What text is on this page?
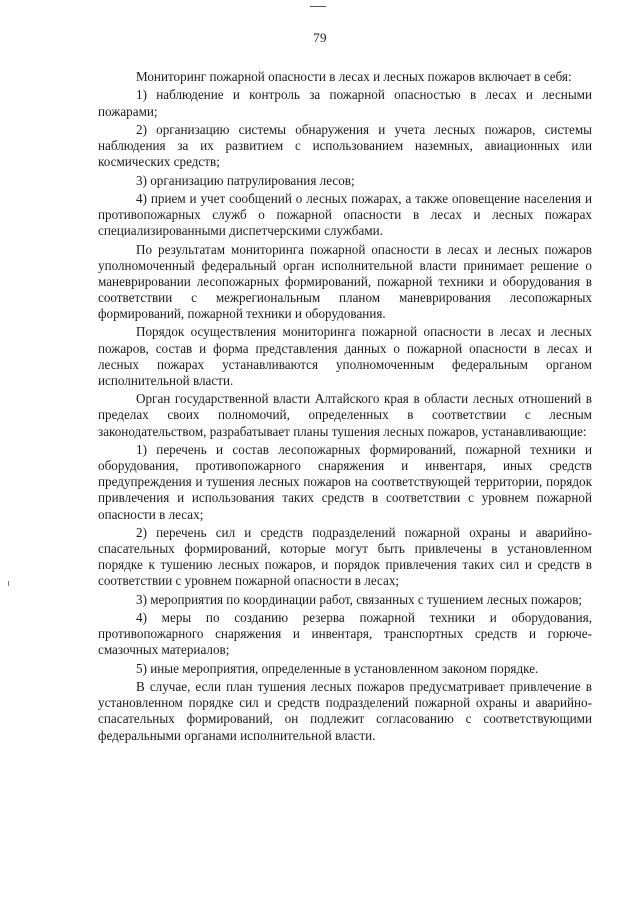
79

Мониторинг пожарной опасности в лесах и лесных пожаров включает в себя:

1) наблюдение и контроль за пожарной опасностью в лесах и лесными пожарами;

2) организацию системы обнаружения и учета лесных пожаров, системы наблюдения за их развитием с использованием наземных, авиационных или космических средств;

3) организацию патрулирования лесов;

4) прием и учет сообщений о лесных пожарах, а также оповещение населения и противопожарных служб о пожарной опасности в лесах и лесных пожарах специализированными диспетчерскими службами.

По результатам мониторинга пожарной опасности в лесах и лесных пожаров уполномоченный федеральный орган исполнительной власти принимает решение о маневрировании лесопожарных формирований, пожарной техники и оборудования в соответствии с межрегиональным планом маневрирования лесопожарных формирований, пожарной техники и оборудования.

Порядок осуществления мониторинга пожарной опасности в лесах и лесных пожаров, состав и форма представления данных о пожарной опасности в лесах и лесных пожарах устанавливаются уполномоченным федеральным органом исполнительной власти.

Орган государственной власти Алтайского края в области лесных отношений в пределах своих полномочий, определенных в соответствии с лесным законодательством, разрабатывает планы тушения лесных пожаров, устанавливающие:

1) перечень и состав лесопожарных формирований, пожарной техники и оборудования, противопожарного снаряжения и инвентаря, иных средств предупреждения и тушения лесных пожаров на соответствующей территории, порядок привлечения и использования таких средств в соответствии с уровнем пожарной опасности в лесах;

2) перечень сил и средств подразделений пожарной охраны и аварийно-спасательных формирований, которые могут быть привлечены в установленном порядке к тушению лесных пожаров, и порядок привлечения таких сил и средств в соответствии с уровнем пожарной опасности в лесах;

3) мероприятия по координации работ, связанных с тушением лесных пожаров;

4) меры по созданию резерва пожарной техники и оборудования, противопожарного снаряжения и инвентаря, транспортных средств и горюче-смазочных материалов;

5) иные мероприятия, определенные в установленном законом порядке.

В случае, если план тушения лесных пожаров предусматривает привлечение в установленном порядке сил и средств подразделений пожарной охраны и аварийно-спасательных формирований, он подлежит согласованию с соответствующими федеральными органами исполнительной власти.
